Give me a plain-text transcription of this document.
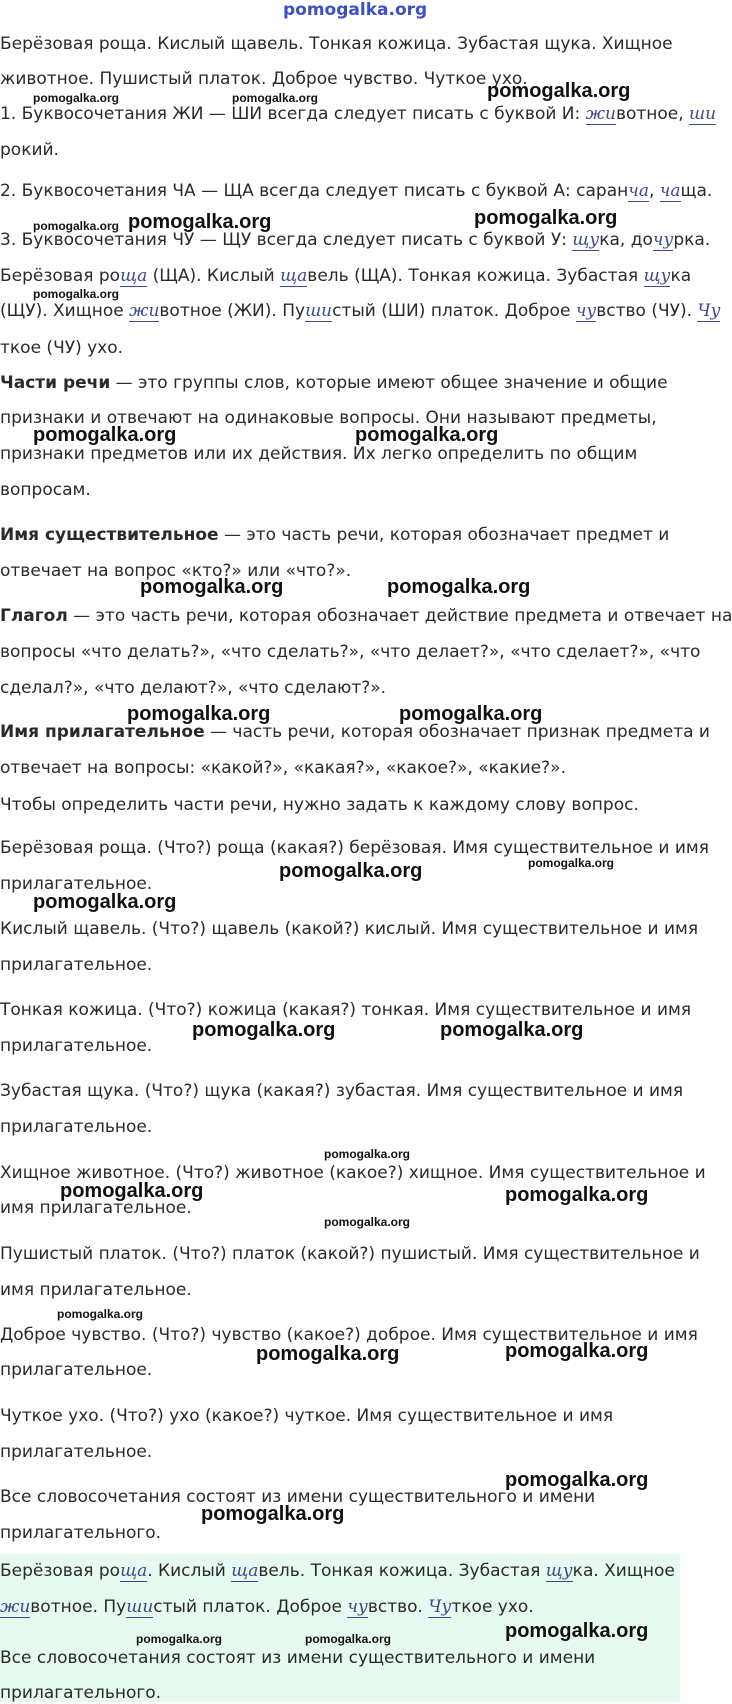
pomogalka.org
Берёзовая роща. Кислый щавель. Тонкая кожица. Зубастая щука. Хищное
животное. Пушистый платок. Доброе чувство. Чуткое ухо.
1. Буквосочетания ЖИ — ШИ всегда следует писать с буквой И: животное, ши
рокий.
2. Буквосочетания ЧА — ЩА всегда следует писать с буквой А: саранча, чаща.
3. Буквосочетания ЧУ — ЩУ всегда следует писать с буквой У: щука, дочурка.
Берёзовая роща (ЩА). Кислый щавель (ЩА). Тонкая кожица. Зубастая щука
(ЩУ). Хищное животное (ЖИ). Пушистый (ШИ) платок. Доброе чувство (ЧУ). Чу
ткое (ЧУ) ухо.
Части речи — это группы слов, которые имеют общее значение и общие
признаки и отвечают на одинаковые вопросы. Они называют предметы,
признаки предметов или их действия. Их легко определить по общим
вопросам.
Имя существительное — это часть речи, которая обозначает предмет и
отвечает на вопрос «кто?» или «что?».
Глагол — это часть речи, которая обозначает действие предмета и отвечает на
вопросы «что делать?», «что сделать?», «что делает?», «что сделает?», «что
сделал?», «что делают?», «что сделают?».
Имя прилагательное — часть речи, которая обозначает признак предмета и
отвечает на вопросы: «какой?», «какая?», «какое?», «какие?».
Чтобы определить части речи, нужно задать к каждому слову вопрос.
Берёзовая роща. (Что?) роща (какая?) берёзовая. Имя существительное и имя
прилагательное.
Кислый щавель. (Что?) щавель (какой?) кислый. Имя существительное и имя
прилагательное.
Тонкая кожица. (Что?) кожица (какая?) тонкая. Имя существительное и имя
прилагательное.
Зубастая щука. (Что?) щука (какая?) зубастая. Имя существительное и имя
прилагательное.
Хищное животное. (Что?) животное (какое?) хищное. Имя существительное и
имя прилагательное.
Пушистый платок. (Что?) платок (какой?) пушистый. Имя существительное и
имя прилагательное.
Доброе чувство. (Что?) чувство (какое?) доброе. Имя существительное и имя
прилагательное.
Чуткое ухо. (Что?) ухо (какое?) чуткое. Имя существительное и имя
прилагательное.
Все словосочетания состоят из имени существительного и имени
прилагательного.
Берёзовая роща. Кислый щавель. Тонкая кожица. Зубастая щука. Хищное
животное. Пушистый платок. Доброе чувство. Чуткое ухо.
Все словосочетания состоят из имени существительного и имени
прилагательного.
pomogalka.org
pomogalka.org	pomogalka.org
pomogalka.org pomogalka.org	pomogalka.org
pomogalka.org
pomogalka.org	pomogalka.org
pomogalka.org	pomogalka.org
pomogalka.org	pomogalka.org
pomogalka.org
pomogalka.org
pomogalka.org
pomogalka.org	pomogalka.org
pomogalka.org
pomogalka.org	pomogalka.org
pomogalka.org
pomogalka.org
pomogalka.org	pomogalka.org
pomogalka.org
pomogalka.org
pomogalka.org	pomogalka.org	pomogalka.org
